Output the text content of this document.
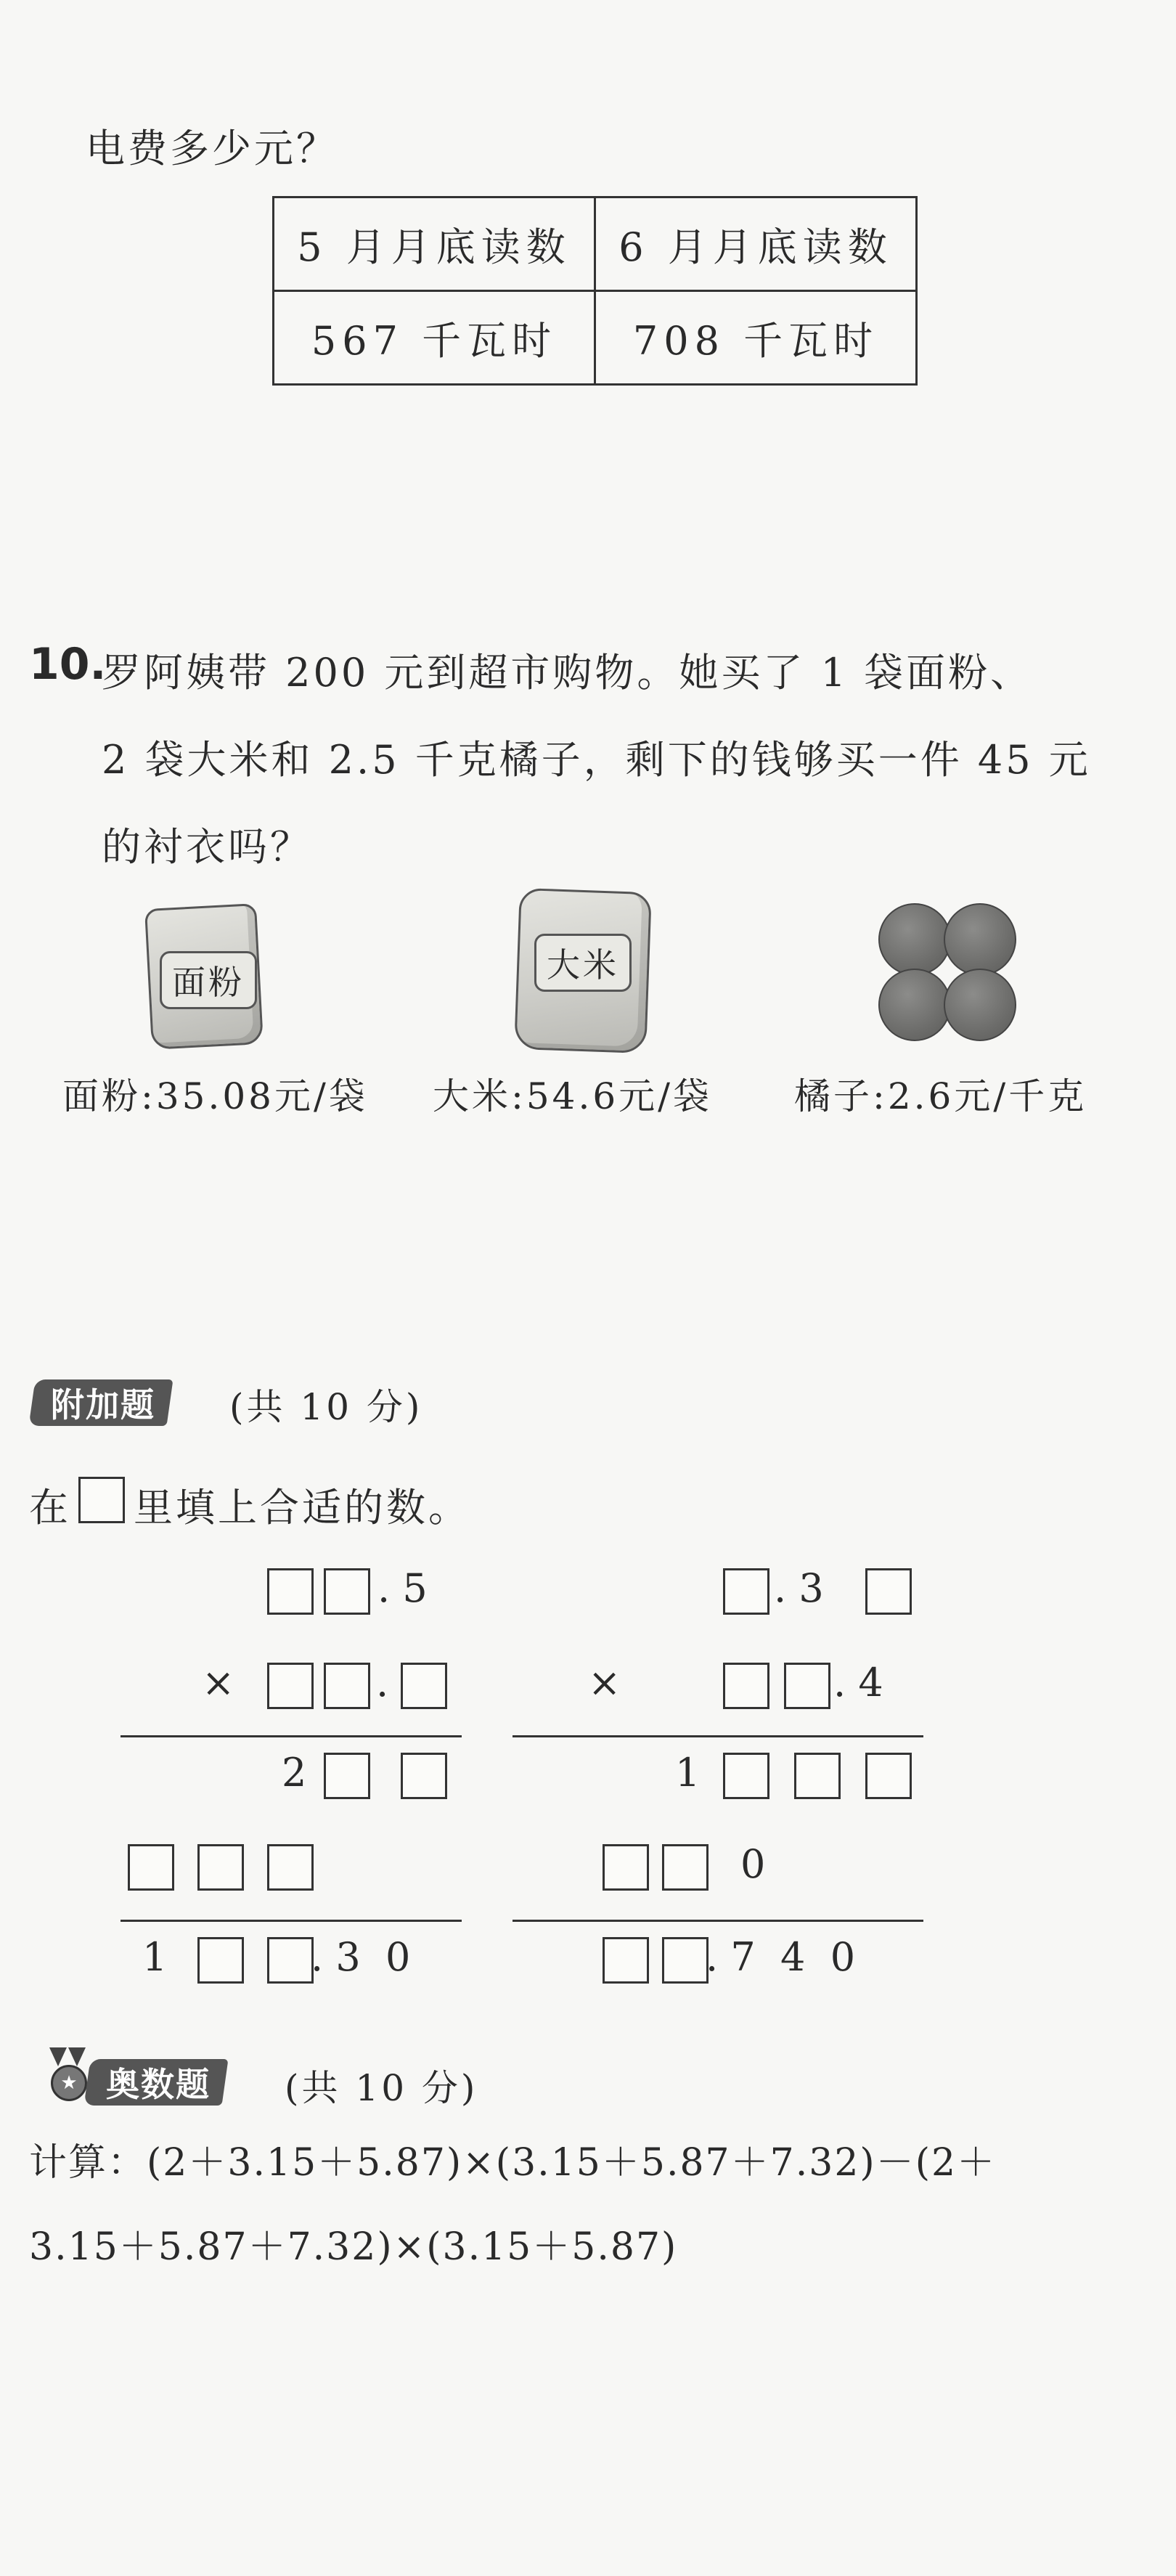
电费多少元？
5 月月底读数	6 月月底读数
567 千瓦时	708 千瓦时
10.
罗阿姨带 200 元到超市购物。她买了 1 袋面粉、
2 袋大米和 2.5 千克橘子，剩下的钱够买一件 45 元
的衬衣吗？
面粉
面粉:35.08元/袋
大米
大米:54.6元/袋 橘子:2.6元/千克
附加题 (共 10 分)
在 里填上合适的数。
. 5
×	.
2
1	. 3  0
. 3
×	. 4
1
0
. 7  4  0
★ 奥数题 (共 10 分)
计算：(2＋3.15＋5.87)×(3.15＋5.87＋7.32)－(2＋
3.15＋5.87＋7.32)×(3.15＋5.87)
